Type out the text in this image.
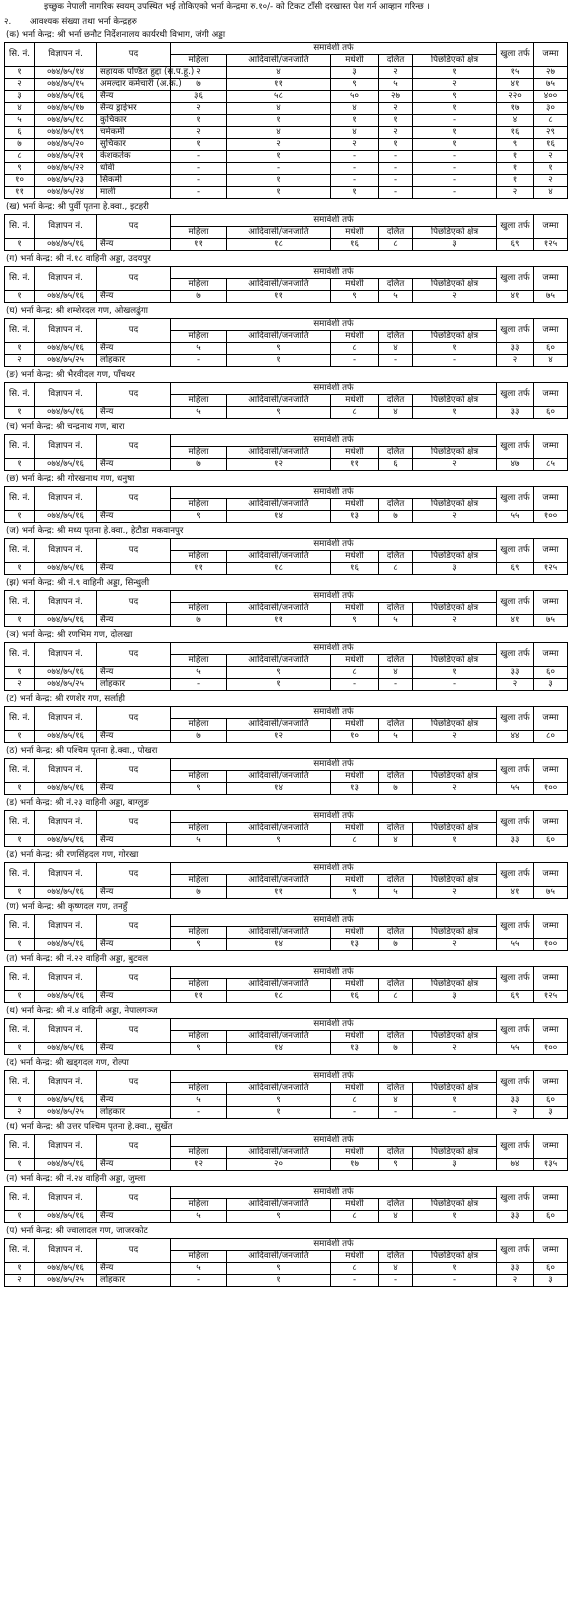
इच्छुक नेपाली नागरिक स्वयम् उपस्थित भई तोकिएको भर्ना केन्द्रमा रु.१०/- को टिकट टाँसी दरखास्त पेश गर्न आव्हान गरिन्छ ।
२. आवश्यक संख्या तथा भर्ना केन्द्रहरु
(क) भर्ना केन्द्र: श्री भर्ना छनौट निर्देशनालय कार्यरथी विभाग, जंगी अड्डा
सि. नं.	विज्ञापन नं.	पद	समावेशी तर्फ					खुला तर्फ	जम्मा
			महिला	आदिवासी/जनजाति	मधेशी	दलित	पिछडिएको क्षेत्र		
१	०७४/७५/१४	सहायक पण्डित हुद्दा (स.प.हू.)	२	४	३	२	१	१५	२७
२	०७४/७५/१५	अमल्दार कर्मचारी (अ.क.)	७	११	९	५	२	४१	७५
३	०७४/७५/१६	सैन्य	३६	५८	५०	२७	९	२२०	४००
४	०७४/७५/१७	सैन्य ड्राईभर	२	४	४	२	१	१७	३०
५	०७४/७५/१८	कुचिकार	१	१	१	१	-	४	८
६	०७४/७५/१९	चर्मकर्मी	२	४	४	२	१	१६	२९
७	०७४/७५/२०	सुचिकार	१	२	२	१	१	९	१६
८	०७४/७५/२१	केशकर्तक	-	१	-	-	-	१	२
९	०७४/७५/२२	धोवी	-	-	-	-	-	१	१
१०	०७४/७५/२३	सिकर्मी	-	१	-	-	-	१	२
११	०७४/७५/२४	माली	-	१	१	-	-	२	४
(ख) भर्ना केन्द्र: श्री पुर्वी पृतना हे.क्वा., इटहरी
सि. नं.	विज्ञापन नं.	पद	समावेशी तर्फ					खुला तर्फ	जम्मा
			महिला	आदिवासी/जनजाति	मधेशी	दलित	पिछडिएको क्षेत्र		
१	०७४/७५/१६	सैन्य	११	१८	१६	८	३	६९	१२५
(ग) भर्ना केन्द्र: श्री नं.१८ वाहिनी अड्डा, उदयपुर
सि. नं.	विज्ञापन नं.	पद	समावेशी तर्फ					खुला तर्फ	जम्मा
			महिला	आदिवासी/जनजाति	मधेशी	दलित	पिछडिएको क्षेत्र		
१	०७४/७५/१६	सैन्य	७	११	९	५	२	४१	७५
(घ) भर्ना केन्द्र: श्री शम्शेरदल गण, ओखलढुंगा
सि. नं.	विज्ञापन नं.	पद	समावेशी तर्फ					खुला तर्फ	जम्मा
			महिला	आदिवासी/जनजाति	मधेशी	दलित	पिछडिएको क्षेत्र		
१	०७४/७५/१६	सैन्य	५	९	८	४	१	३३	६०
२	०७४/७५/२५	लोहकार	-	१	-	-	-	२	४
(ङ) भर्ना केन्द्र: श्री भैरवीदल गण, पाँचथर
सि. नं.	विज्ञापन नं.	पद	समावेशी तर्फ					खुला तर्फ	जम्मा
			महिला	आदिवासी/जनजाति	मधेशी	दलित	पिछडिएको क्षेत्र		
१	०७४/७५/१६	सैन्य	५	९	८	४	१	३३	६०
(च) भर्ना केन्द्र: श्री चन्द्रनाथ गण, बारा
सि. नं.	विज्ञापन नं.	पद	समावेशी तर्फ					खुला तर्फ	जम्मा
			महिला	आदिवासी/जनजाति	मधेशी	दलित	पिछडिएको क्षेत्र		
१	०७४/७५/१६	सैन्य	७	१२	११	६	२	४७	८५
(छ) भर्ना केन्द्र: श्री गोरखनाथ गण, धनुषा
सि. नं.	विज्ञापन नं.	पद	समावेशी तर्फ					खुला तर्फ	जम्मा
			महिला	आदिवासी/जनजाति	मधेशी	दलित	पिछडिएको क्षेत्र		
१	०७४/७५/१६	सैन्य	९	१४	१३	७	२	५५	१००
(ज) भर्ना केन्द्र: श्री मध्य पृतना हे.क्वा., हेटौडा मकवानपुर
सि. नं.	विज्ञापन नं.	पद	समावेशी तर्फ					खुला तर्फ	जम्मा
			महिला	आदिवासी/जनजाति	मधेशी	दलित	पिछडिएको क्षेत्र		
१	०७४/७५/१६	सैन्य	११	१८	१६	८	३	६९	१२५
(झ) भर्ना केन्द्र: श्री नं.९ वाहिनी अड्डा, सिन्धुली
सि. नं.	विज्ञापन नं.	पद	समावेशी तर्फ					खुला तर्फ	जम्मा
			महिला	आदिवासी/जनजाति	मधेशी	दलित	पिछडिएको क्षेत्र		
१	०७४/७५/१६	सैन्य	७	११	९	५	२	४१	७५
(ञ) भर्ना केन्द्र: श्री रणभिम गण, दोलखा
सि. नं.	विज्ञापन नं.	पद	समावेशी तर्फ					खुला तर्फ	जम्मा
			महिला	आदिवासी/जनजाति	मधेशी	दलित	पिछडिएको क्षेत्र		
१	०७४/७५/१६	सैन्य	५	९	८	४	१	३३	६०
२	०७४/७५/२५	लोहकार	-	१	-	-	-	२	३
(ट) भर्ना केन्द्र: श्री रणशेर गण, सर्लाही
सि. नं.	विज्ञापन नं.	पद	समावेशी तर्फ					खुला तर्फ	जम्मा
			महिला	आदिवासी/जनजाति	मधेशी	दलित	पिछडिएको क्षेत्र		
१	०७४/७५/१६	सैन्य	७	१२	१०	५	२	४४	८०
(ठ) भर्ना केन्द्र: श्री पश्चिम पृतना हे.क्वा., पोखरा
सि. नं.	विज्ञापन नं.	पद	समावेशी तर्फ					खुला तर्फ	जम्मा
			महिला	आदिवासी/जनजाति	मधेशी	दलित	पिछडिएको क्षेत्र		
१	०७४/७५/१६	सैन्य	९	१४	१३	७	२	५५	१००
(ड) भर्ना केन्द्र: श्री नं.२३ वाहिनी अड्डा, बाग्लुङ
सि. नं.	विज्ञापन नं.	पद	समावेशी तर्फ					खुला तर्फ	जम्मा
			महिला	आदिवासी/जनजाति	मधेशी	दलित	पिछडिएको क्षेत्र		
१	०७४/७५/१६	सैन्य	५	९	८	४	१	३३	६०
(ढ) भर्ना केन्द्र: श्री रणसिंहदल गण, गोरखा
सि. नं.	विज्ञापन नं.	पद	समावेशी तर्फ					खुला तर्फ	जम्मा
			महिला	आदिवासी/जनजाति	मधेशी	दलित	पिछडिएको क्षेत्र		
१	०७४/७५/१६	सैन्य	७	११	९	५	२	४१	७५
(ण) भर्ना केन्द्र: श्री कृष्णदल गण, तनहुँ
सि. नं.	विज्ञापन नं.	पद	समावेशी तर्फ					खुला तर्फ	जम्मा
			महिला	आदिवासी/जनजाति	मधेशी	दलित	पिछडिएको क्षेत्र		
१	०७४/७५/१६	सैन्य	९	१४	१३	७	२	५५	१००
(त) भर्ना केन्द्र: श्री नं.२२ वाहिनी अड्डा, बुटवल
सि. नं.	विज्ञापन नं.	पद	समावेशी तर्फ					खुला तर्फ	जम्मा
			महिला	आदिवासी/जनजाति	मधेशी	दलित	पिछडिएको क्षेत्र		
१	०७४/७५/१६	सैन्य	११	१८	१६	८	३	६९	१२५
(थ) भर्ना केन्द्र: श्री नं.४ वाहिनी अड्डा, नेपालगञ्ज
सि. नं.	विज्ञापन नं.	पद	समावेशी तर्फ					खुला तर्फ	जम्मा
			महिला	आदिवासी/जनजाति	मधेशी	दलित	पिछडिएको क्षेत्र		
१	०७४/७५/१६	सैन्य	९	१४	१३	७	२	५५	१००
(द) भर्ना केन्द्र: श्री खड्गदल गण, रोल्पा
सि. नं.	विज्ञापन नं.	पद	समावेशी तर्फ					खुला तर्फ	जम्मा
			महिला	आदिवासी/जनजाति	मधेशी	दलित	पिछडिएको क्षेत्र		
१	०७४/७५/१६	सैन्य	५	९	८	४	१	३३	६०
२	०७४/७५/२५	लोहकार	-	१	-	-	-	२	३
(ध) भर्ना केन्द्र: श्री उत्तर पश्चिम पृतना हे.क्वा., सुर्खेत
सि. नं.	विज्ञापन नं.	पद	समावेशी तर्फ					खुला तर्फ	जम्मा
			महिला	आदिवासी/जनजाति	मधेशी	दलित	पिछडिएको क्षेत्र		
१	०७४/७५/१६	सैन्य	१२	२०	१७	९	३	७४	१३५
(न) भर्ना केन्द्र: श्री नं.२४ वाहिनी अड्डा, जुम्ला
सि. नं.	विज्ञापन नं.	पद	समावेशी तर्फ					खुला तर्फ	जम्मा
			महिला	आदिवासी/जनजाति	मधेशी	दलित	पिछडिएको क्षेत्र		
१	०७४/७५/१६	सैन्य	५	९	८	४	१	३३	६०
(प) भर्ना केन्द्र: श्री ज्वालादल गण, जाजरकोट
सि. नं.	विज्ञापन नं.	पद	समावेशी तर्फ					खुला तर्फ	जम्मा
			महिला	आदिवासी/जनजाति	मधेशी	दलित	पिछडिएको क्षेत्र		
१	०७४/७५/१६	सैन्य	५	९	८	४	१	३३	६०
२	०७४/७५/२५	लोहकार	-	१	-	-	-	२	३
